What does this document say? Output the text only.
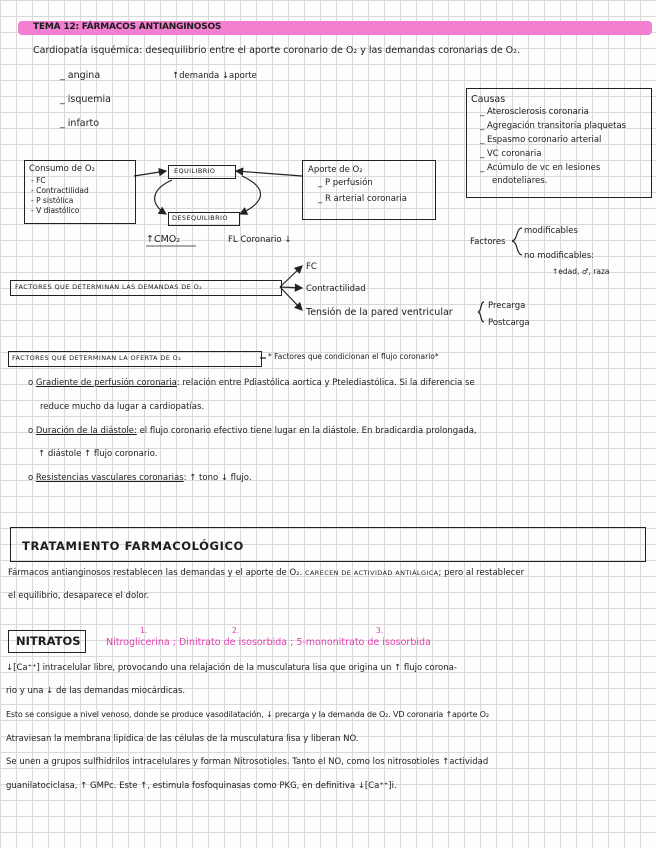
TEMA 12: FÁRMACOS ANTIANGINOSOS
Cardiopatía isquémica: desequilibrio entre el aporte coronario de O₂ y las demandas coronarias de O₂.
_ angina
_ isquemia
_ infarto
↑demanda ↓aporte
Causas
_ Aterosclerosis coronaria
_ Agregación transitoria plaquetas
_ Espasmo coronario arterial
_ VC coronaria
_ Acúmulo de vc en lesiones
endoteliares.
Consumo de O₂
- FC
- Contractilidad
- P sistólica
- V diastólico
EQUILIBRIO
DESEQUILIBRIO
Aporte de O₂
_ P perfusión
_ R arterial coronaria
↑CMO₂	FL Coronario ↓	Factores
modificables
no modificables:
↑edad, ♂, raza
FACTORES QUE DETERMINAN LAS DEMANDAS DE O₂
FC
Contractilidad
Tensión de la pared ventricular
Precarga
Postcarga
FACTORES QUE DETERMINAN LA OFERTA DE O₂	* Factores que condicionan el flujo coronario*
o Gradiente de perfusión coronaria: relación entre Pdiastólica aortica y Ptelediastólica. Si la diferencia se
reduce mucho da lugar a cardiopatías.
o Duración de la diástole: el flujo coronario efectivo tiene lugar en la diástole. En bradicardia prolongada,
↑ diástole ↑ flujo coronario.
o Resistencias vasculares coronarias: ↑ tono ↓ flujo.
TRATAMIENTO FARMACOLÓGICO
Fármacos antianginosos restablecen las demandas y el aporte de O₂. CARECEN DE ACTIVIDAD ANTIÁLGICA; pero al restablecer
el equilibrio, desaparece el dolor.
NITRATOS
1.	2.	3.
Nitroglicerina ; Dinitrato de isosorbida ; 5-mononitrato de isosorbida
↓[Ca⁺⁺] intracelular libre, provocando una relajación de la musculatura lisa que origina un ↑ flujo corona-
rio y una ↓ de las demandas miocárdicas.
Esto se consigue a nivel venoso, donde se produce vasodilatación, ↓ precarga y la demanda de O₂. VD coronaria ↑aporte O₂
Atraviesan la membrana lipídica de las células de la musculatura lisa y liberan NO.
Se unen a grupos sulfhidrilos intracelulares y forman Nitrosotioles. Tanto el NO, como los nitrosotioles ↑actividad
guanilatociclasa, ↑ GMPc. Este ↑, estimula fosfoquinasas como PKG, en definitiva ↓[Ca⁺⁺]i.
